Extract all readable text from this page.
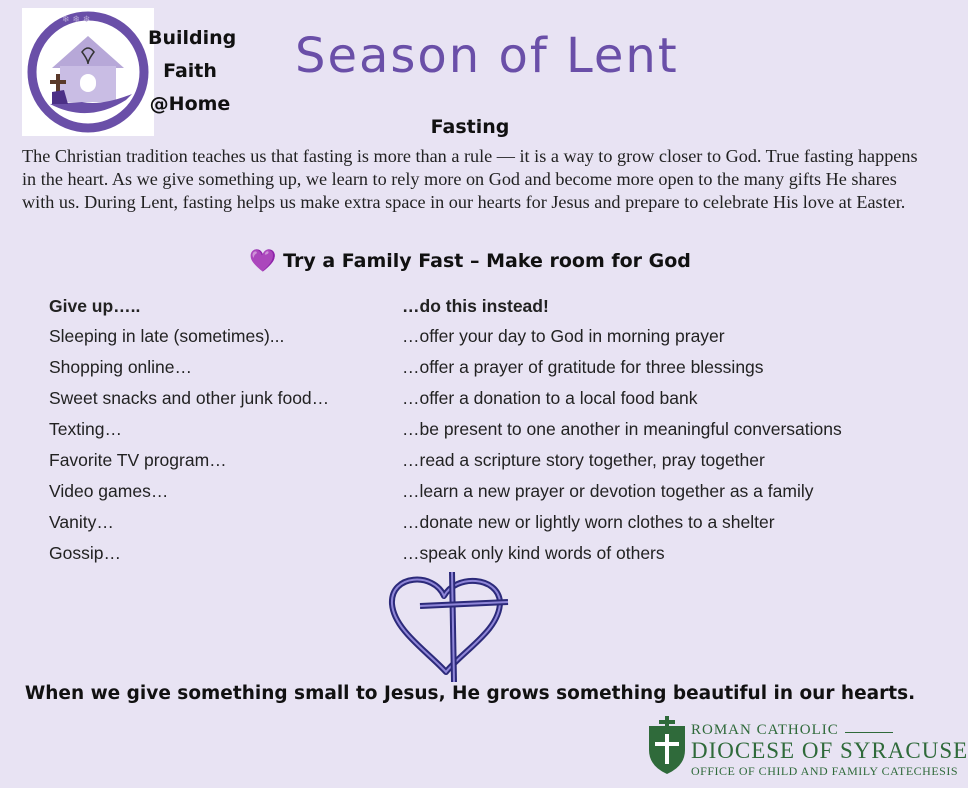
❄ ❄ ❄
Building
Faith
@Home
Season of Lent
Fasting
The Christian tradition teaches us that fasting is more than a rule — it is a way to grow closer to God. True fasting happens in the heart. As we give something up, we learn to rely more on God and become more open to the many gifts He shares with us. During Lent, fasting helps us make extra space in our hearts for Jesus and prepare to celebrate His love at Easter.
💜 Try a Family Fast – Make room for God
Give up…..	…do this instead!
Sleeping in late (sometimes)...	…offer your day to God in morning prayer
Shopping online…	…offer a prayer of gratitude for three blessings
Sweet snacks and other junk food…	…offer a donation to a local food bank
Texting…	…be present to one another in meaningful conversations
Favorite TV program…	…read a scripture story together, pray together
Video games…	…learn a new prayer or devotion together as a family
Vanity…	…donate new or lightly worn clothes to a shelter
Gossip…	…speak only kind words of others
When we give something small to Jesus, He grows something beautiful in our hearts.
ROMAN CATHOLIC
DIOCESE OF SYRACUSE
OFFICE OF CHILD AND FAMILY CATECHESIS
